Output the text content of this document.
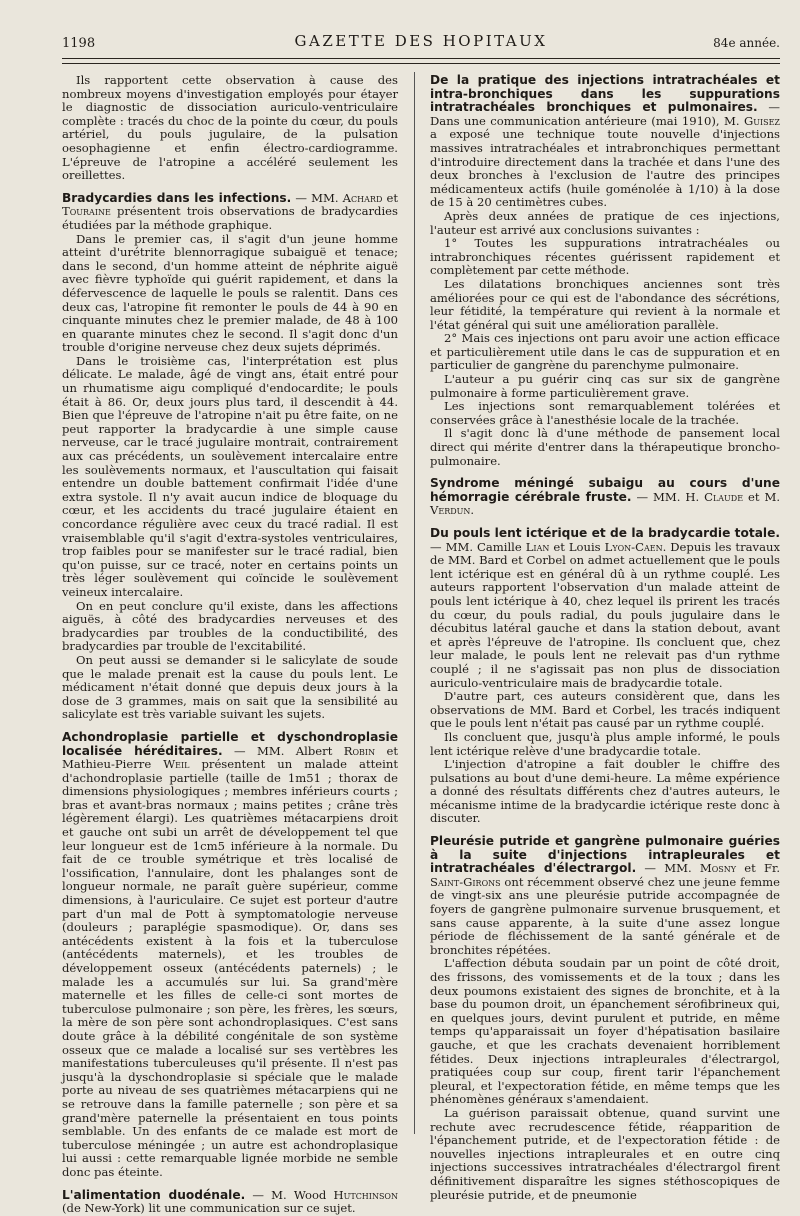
1198	GAZETTE DES HOPITAUX	84e année.

Ils rapportent cette observation à cause des nombreux moyens d'investigation employés pour étayer le diagnostic de dissociation auriculo-ventriculaire complète : tracés du choc de la pointe du cœur, du pouls artériel, du pouls jugulaire, de la pulsation oesophagienne et enfin électro-cardiogramme. L'épreuve de l'atropine a accéléré seulement les oreillettes.

Bradycardies dans les infections. — MM. Achard et Touraine présentent trois observations de bradycardies étudiées par la méthode graphique.

Dans le premier cas, il s'agit d'un jeune homme atteint d'urétrite blennorragique subaiguë et tenace; dans le second, d'un homme atteint de néphrite aiguë avec fièvre typhoïde qui guérit rapidement, et dans la défervescence de laquelle le pouls se ralentit. Dans ces deux cas, l'atropine fit remonter le pouls de 44 à 90 en cinquante minutes chez le premier malade, de 48 à 100 en quarante minutes chez le second. Il s'agit donc d'un trouble d'origine nerveuse chez deux sujets déprimés.

Dans le troisième cas, l'interprétation est plus délicate. Le malade, âgé de vingt ans, était entré pour un rhumatisme aigu compliqué d'endocardite; le pouls était à 86. Or, deux jours plus tard, il descendit à 44. Bien que l'épreuve de l'atropine n'ait pu être faite, on ne peut rapporter la bradycardie à une simple cause nerveuse, car le tracé jugulaire montrait, contrairement aux cas précédents, un soulèvement intercalaire entre les soulèvements normaux, et l'auscultation qui faisait entendre un double battement confirmait l'idée d'une extra systole. Il n'y avait aucun indice de bloquage du cœur, et les accidents du tracé jugulaire étaient en concordance régulière avec ceux du tracé radial. Il est vraisemblable qu'il s'agit d'extra-systoles ventriculaires, trop faibles pour se manifester sur le tracé radial, bien qu'on puisse, sur ce tracé, noter en certains points un très léger soulèvement qui coïncide le soulèvement veineux intercalaire.

On en peut conclure qu'il existe, dans les affections aiguës, à côté des bradycardies nerveuses et des bradycardies par troubles de la conductibilité, des bradycardies par trouble de l'excitabilité.

On peut aussi se demander si le salicylate de soude que le malade prenait est la cause du pouls lent. Le médicament n'était donné que depuis deux jours à la dose de 3 grammes, mais on sait que la sensibilité au salicylate est très variable suivant les sujets.

Achondroplasie partielle et dyschondroplasie localisée héréditaires. — MM. Albert Robin et Mathieu-Pierre Weil présentent un malade atteint d'achondroplasie partielle (taille de 1m51 ; thorax de dimensions physiologiques ; membres inférieurs courts ; bras et avant-bras normaux ; mains petites ; crâne très légèrement élargi). Les quatrièmes métacarpiens droit et gauche ont subi un arrêt de développement tel que leur longueur est de 1cm5 inférieure à la normale. Du fait de ce trouble symétrique et très localisé de l'ossification, l'annulaire, dont les phalanges sont de longueur normale, ne paraît guère supérieur, comme dimensions, à l'auriculaire. Ce sujet est porteur d'autre part d'un mal de Pott à symptomatologie nerveuse (douleurs ; paraplégie spasmodique). Or, dans ses antécédents existent à la fois et la tuberculose (antécédents maternels), et les troubles de développement osseux (antécédents paternels) ; le malade les a accumulés sur lui. Sa grand'mère maternelle et les filles de celle-ci sont mortes de tuberculose pulmonaire ; son père, les frères, les sœurs, la mère de son père sont achondroplasiques. C'est sans doute grâce à la débilité congénitale de son système osseux que ce malade a localisé sur ses vertèbres les manifestations tuberculeuses qu'il présente. Il n'est pas jusqu'à la dyschondroplasie si spéciale que le malade porte au niveau de ses quatrièmes métacarpiens qui ne se retrouve dans la famille paternelle ; son père et sa grand'mère paternelle la présentaient en tous points semblable. Un des enfants de ce malade est mort de tuberculose méningée ; un autre est achondroplasique lui aussi : cette remarquable lignée morbide ne semble donc pas éteinte.

L'alimentation duodénale. — M. Wood Hutchinson (de New-York) lit une communication sur ce sujet.

De la pratique des injections intratrachéales et intra-bronchiques dans les suppurations intratrachéales bronchiques et pulmonaires. — Dans une communication antérieure (mai 1910), M. Guisez a exposé une technique toute nouvelle d'injections massives intratrachéales et intrabronchiques permettant d'introduire directement dans la trachée et dans l'une des deux bronches à l'exclusion de l'autre des principes médicamenteux actifs (huile goménolée à 1/10) à la dose de 15 à 20 centimètres cubes.

Après deux années de pratique de ces injections, l'auteur est arrivé aux conclusions suivantes :

1° Toutes les suppurations intratrachéales ou intrabronchiques récentes guérissent rapidement et complètement par cette méthode.

Les dilatations bronchiques anciennes sont très améliorées pour ce qui est de l'abondance des sécrétions, leur fétidité, la température qui revient à la normale et l'état général qui suit une amélioration parallèle.

2° Mais ces injections ont paru avoir une action efficace et particulièrement utile dans le cas de suppuration et en particulier de gangrène du parenchyme pulmonaire.

L'auteur a pu guérir cinq cas sur six de gangrène pulmonaire à forme particulièrement grave.

Les injections sont remarquablement tolérées et conservées grâce à l'anesthésie locale de la trachée.

Il s'agit donc là d'une méthode de pansement local direct qui mérite d'entrer dans la thérapeutique broncho-pulmonaire.

Syndrome méningé subaigu au cours d'une hémorragie cérébrale fruste. — MM. H. Claude et M. Verdun.

Du pouls lent ictérique et de la bradycardie totale. — MM. Camille Lian et Louis Lyon-Caen. Depuis les travaux de MM. Bard et Corbel on admet actuellement que le pouls lent ictérique est en général dû à un rythme couplé. Les auteurs rapportent l'observation d'un malade atteint de pouls lent ictérique à 40, chez lequel ils prirent les tracés du cœur, du pouls radial, du pouls jugulaire dans le décubitus latéral gauche et dans la station debout, avant et après l'épreuve de l'atropine. Ils concluent que, chez leur malade, le pouls lent ne relevait pas d'un rythme couplé ; il ne s'agissait pas non plus de dissociation auriculo-ventriculaire mais de bradycardie totale.

D'autre part, ces auteurs considèrent que, dans les observations de MM. Bard et Corbel, les tracés indiquent que le pouls lent n'était pas causé par un rythme couplé.

Ils concluent que, jusqu'à plus ample informé, le pouls lent ictérique relève d'une bradycardie totale.

L'injection d'atropine a fait doubler le chiffre des pulsations au bout d'une demi-heure. La même expérience a donné des résultats différents chez d'autres auteurs, le mécanisme intime de la bradycardie ictérique reste donc à discuter.

Pleurésie putride et gangrène pulmonaire guéries à la suite d'injections intrapleurales et intratrachéales d'électrargol. — MM. Mosny et Fr. Saint-Girons ont récemment observé chez une jeune femme de vingt-six ans une pleurésie putride accompagnée de foyers de gangrène pulmonaire survenue brusquement, et sans cause apparente, à la suite d'une assez longue période de fléchissement de la santé générale et de bronchites répétées.

L'affection débuta soudain par un point de côté droit, des frissons, des vomissements et de la toux ; dans les deux poumons existaient des signes de bronchite, et à la base du poumon droit, un épanchement sérofibrineux qui, en quelques jours, devint purulent et putride, en même temps qu'apparaissait un foyer d'hépatisation basilaire gauche, et que les crachats devenaient horriblement fétides. Deux injections intrapleurales d'électrargol, pratiquées coup sur coup, firent tarir l'épanchement pleural, et l'expectoration fétide, en même temps que les phénomènes généraux s'amendaient.

La guérison paraissait obtenue, quand survint une rechute avec recrudescence fétide, réapparition de l'épanchement putride, et de l'expectoration fétide : de nouvelles injections intrapleurales et en outre cinq injections successives intratrachéales d'électrargol firent définitivement disparaître les signes stéthoscopiques de pleurésie putride, et de pneumonie
